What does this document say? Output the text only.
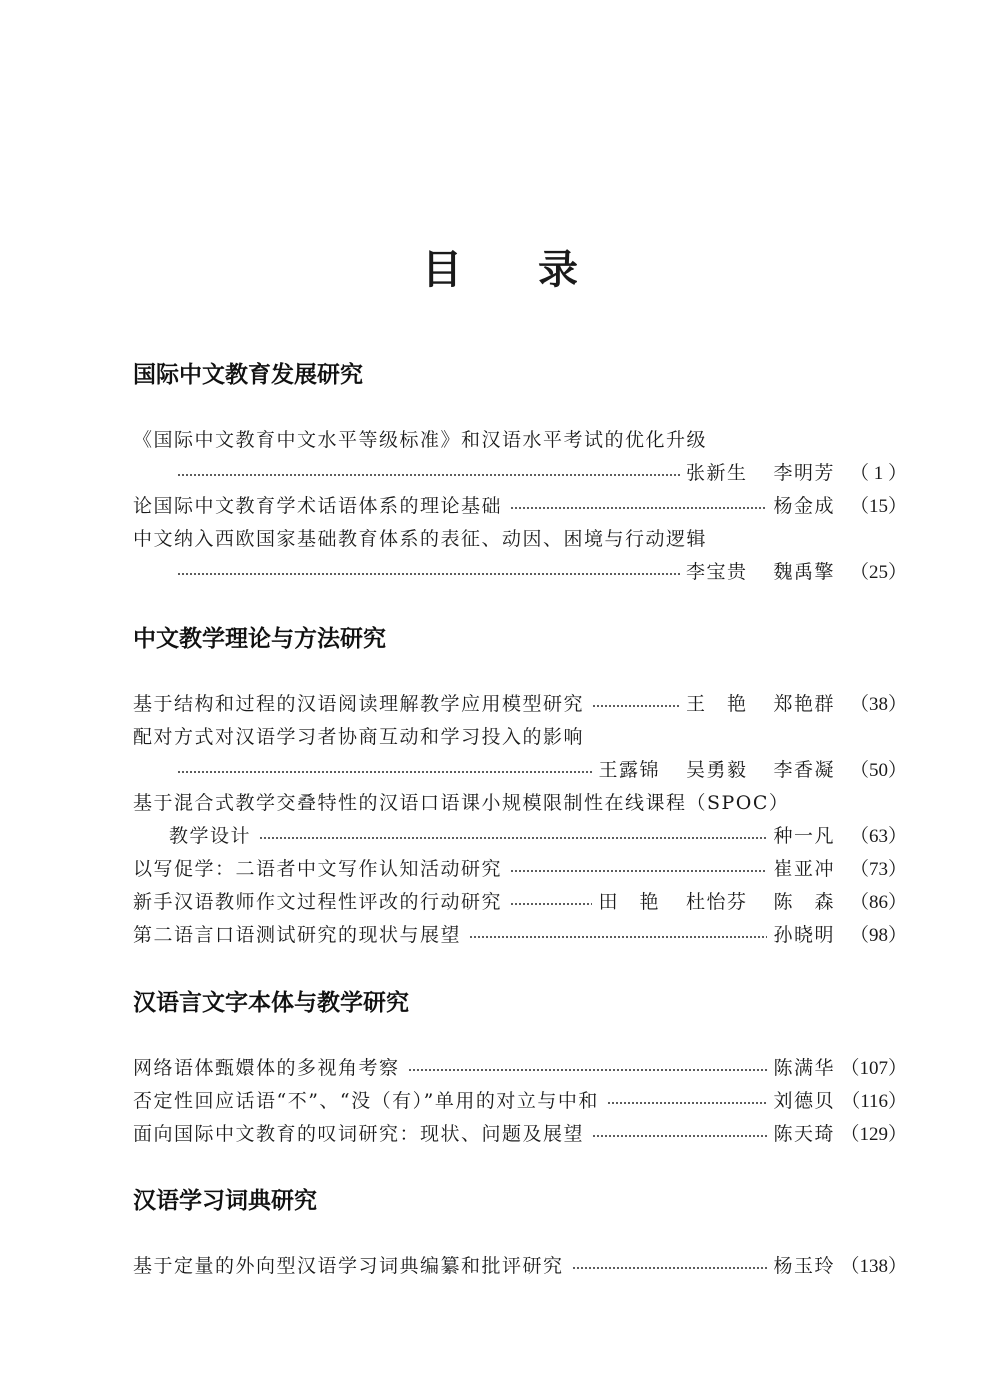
目 录
国际中文教育发展研究
《国际中文教育中文水平等级标准》和汉语水平考试的优化升级
张新生 李明芳 （ 1 ）
论国际中文教育学术话语体系的理论基础	杨金成 （15）
中文纳入西欧国家基础教育体系的表征、动因、困境与行动逻辑
李宝贵 魏禹擎 （25）
中文教学理论与方法研究
基于结构和过程的汉语阅读理解教学应用模型研究	王　艳 郑艳群 （38）
配对方式对汉语学习者协商互动和学习投入的影响
王露锦 吴勇毅 李香凝 （50）
基于混合式教学交叠特性的汉语口语课小规模限制性在线课程（SPOC）
教学设计	种一凡 （63）
以写促学：二语者中文写作认知活动研究	崔亚冲 （73）
新手汉语教师作文过程性评改的行动研究	田　艳 杜怡芬 陈　森 （86）
第二语言口语测试研究的现状与展望	孙晓明 （98）
汉语言文字本体与教学研究
网络语体甄嬛体的多视角考察	陈满华 （107）
否定性回应话语“不”、“没（有）”单用的对立与中和	刘德贝 （116）
面向国际中文教育的叹词研究：现状、问题及展望	陈天琦 （129）
汉语学习词典研究
基于定量的外向型汉语学习词典编纂和批评研究	杨玉玲 （138）
